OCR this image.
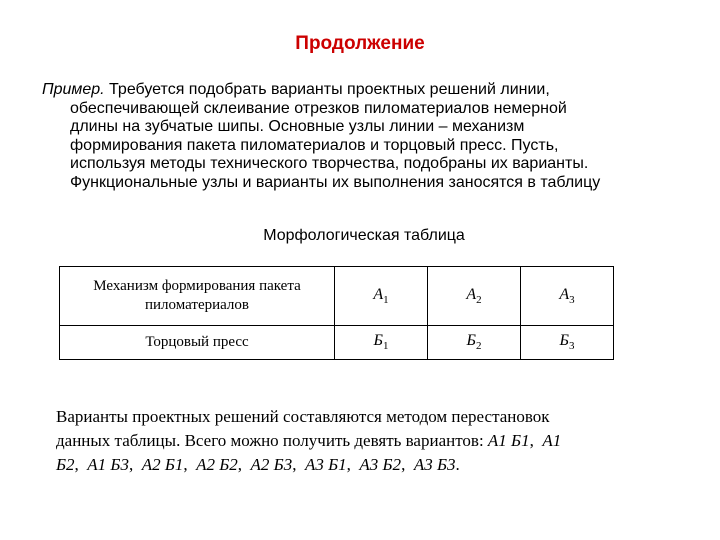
Продолжение
Пример. Требуется подобрать варианты проектных решений линии,
обеспечивающей склеивание отрезков пиломатериалов немерной
длины на зубчатые шипы. Основные узлы линии – механизм
формирования пакета пиломатериалов и торцовый пресс. Пусть,
используя методы технического творчества, подобраны их варианты.
Функциональные узлы и варианты их выполнения заносятся в таблицу
Морфологическая таблица
Механизм формирования пакета
пиломатериалов	$А_1$	$А_2$	$А_3$
Торцовый пресс	$Б_1$	$Б_2$	$Б_3$
Варианты проектных решений составляются методом перестановок
данных таблицы. Всего можно получить девять вариантов: А1 Б1, А1
Б2, А1 Б3, А2 Б1, А2 Б2, А2 Б3, А3 Б1, А3 Б2, А3 Б3.
